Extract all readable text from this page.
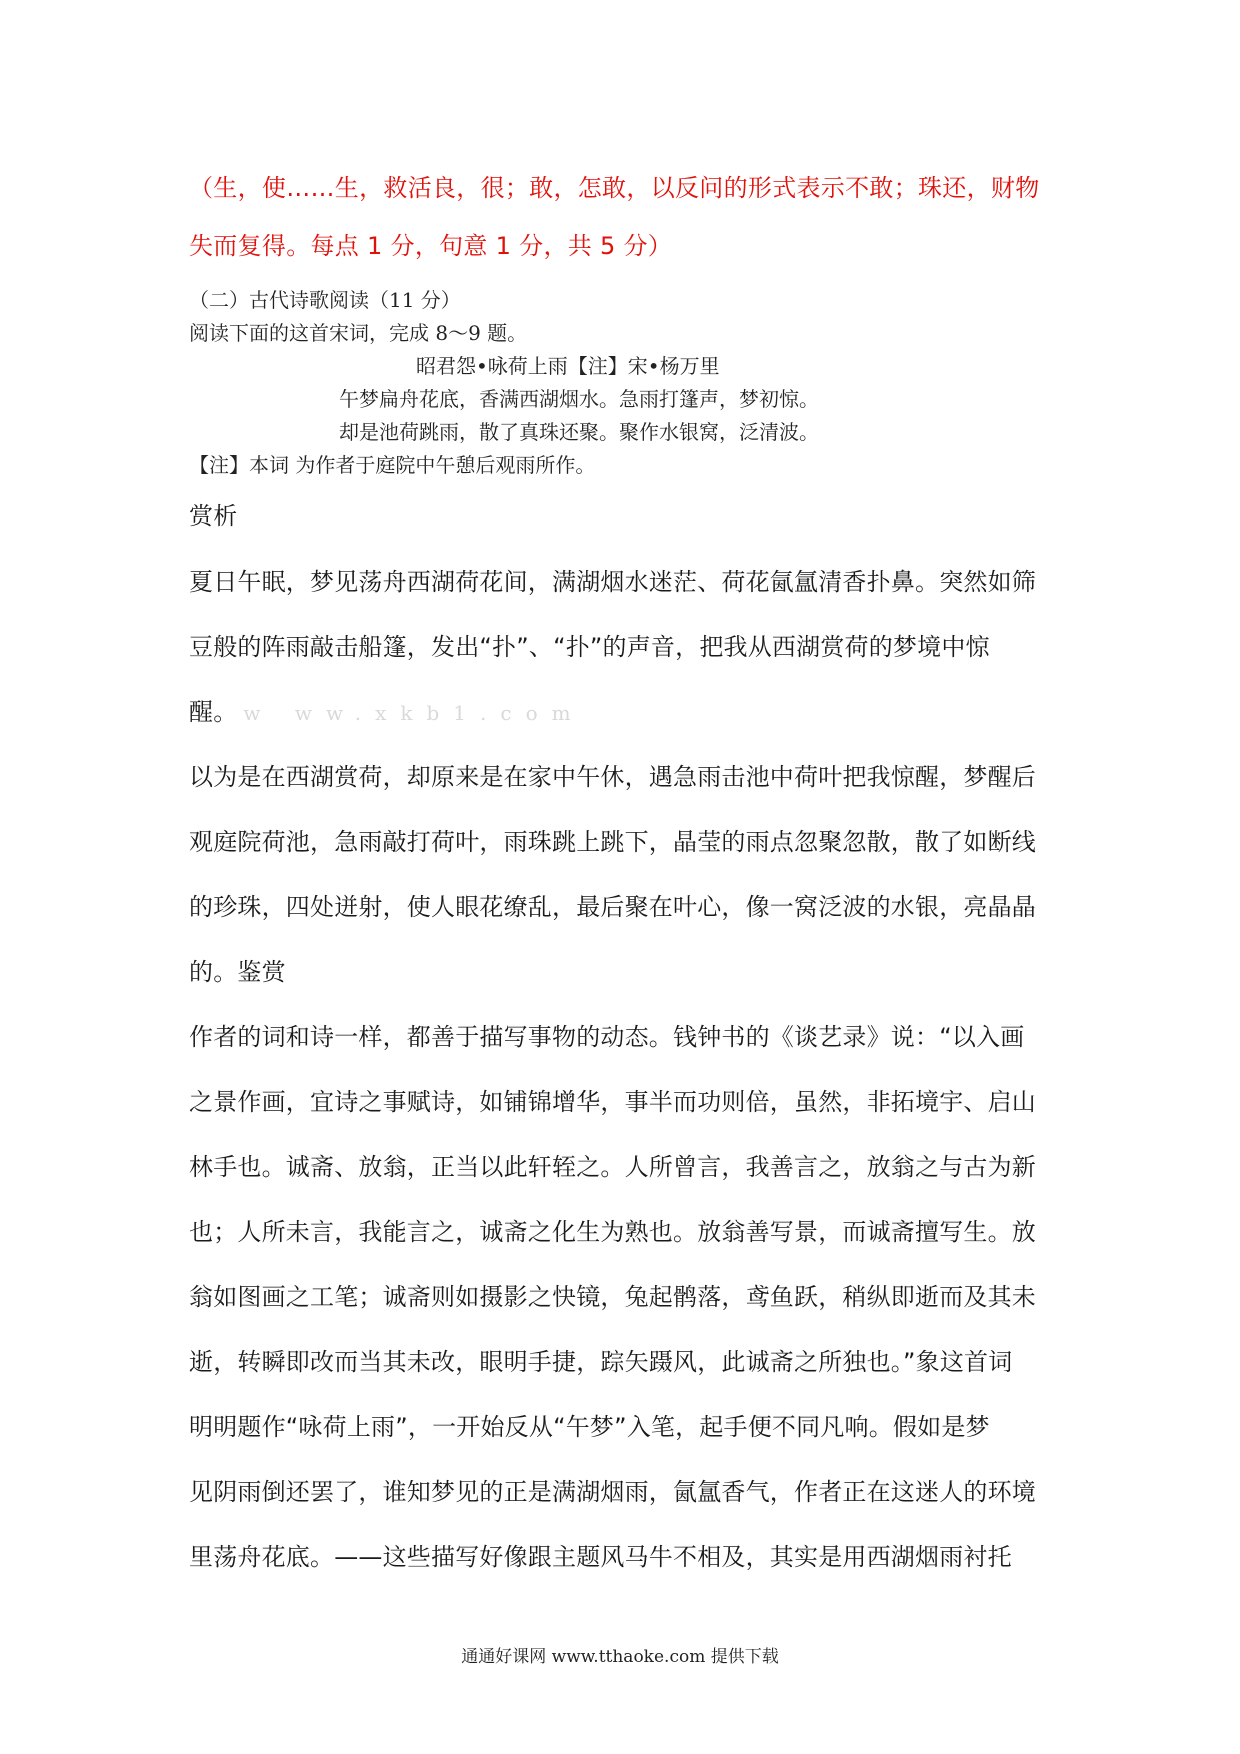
（生，使……生，救活良，很；敢，怎敢，以反问的形式表示不敢；珠还，财物

失而复得。每点 1 分，句意 1 分，共 5 分）

（二）古代诗歌阅读（11 分）

阅读下面的这首宋词，完成 8～9 题。

昭君怨•咏荷上雨【注】宋•杨万里

午梦扁舟花底，香满西湖烟水。急雨打篷声，梦初惊。

却是池荷跳雨，散了真珠还聚。聚作水银窝，泛清波。

【注】本词 为作者于庭院中午憩后观雨所作。

赏析

夏日午眠，梦见荡舟西湖荷花间，满湖烟水迷茫、荷花氤氲清香扑鼻。突然如筛

豆般的阵雨敲击船篷，发出“扑”、“扑”的声音，把我从西湖赏荷的梦境中惊

醒。 w ww.xkb1.com

以为是在西湖赏荷，却原来是在家中午休，遇急雨击池中荷叶把我惊醒，梦醒后

观庭院荷池，急雨敲打荷叶，雨珠跳上跳下，晶莹的雨点忽聚忽散，散了如断线

的珍珠，四处迸射，使人眼花缭乱，最后聚在叶心，像一窝泛波的水银，亮晶晶

的。鉴赏

作者的词和诗一样，都善于描写事物的动态。钱钟书的《谈艺录》说：“以入画

之景作画，宜诗之事赋诗，如铺锦增华，事半而功则倍，虽然，非拓境宇、启山

林手也。诚斋、放翁，正当以此轩轾之。人所曾言，我善言之，放翁之与古为新

也；人所未言，我能言之，诚斋之化生为熟也。放翁善写景，而诚斋擅写生。放

翁如图画之工笔；诚斋则如摄影之快镜，兔起鹘落，鸢鱼跃，稍纵即逝而及其未

逝，转瞬即改而当其未改，眼明手捷，踪矢蹑风，此诚斋之所独也。”象这首词

明明题作“咏荷上雨”，一开始反从“午梦”入笔，起手便不同凡响。假如是梦

见阴雨倒还罢了，谁知梦见的正是满湖烟雨，氤氲香气，作者正在这迷人的环境

里荡舟花底。——这些描写好像跟主题风马牛不相及，其实是用西湖烟雨衬托

通通好课网 www.tthaoke.com 提供下载
